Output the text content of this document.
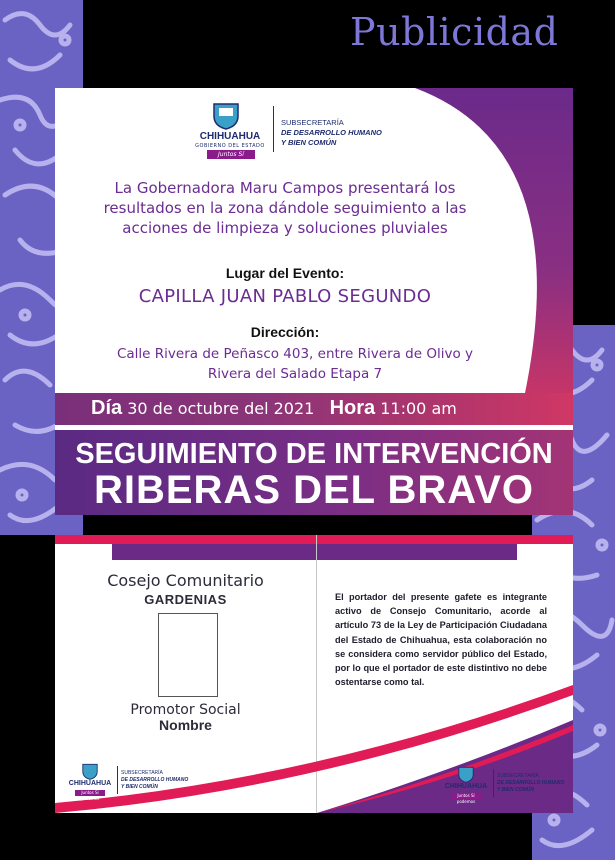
Publicidad
CHIHUAHUA
GOBIERNO DEL ESTADO
Juntos Sí podemos
SUBSECRETARÍA
DE DESARROLLO HUMANO
Y BIEN COMÚN
La Gobernadora Maru Campos presentará los resultados en la zona dándole seguimiento a las acciones de limpieza y soluciones pluviales
Lugar del Evento:
CAPILLA JUAN PABLO SEGUNDO
Dirección:
Calle Rivera de Peñasco 403, entre Rivera de Olivo y Rivera del Salado Etapa 7
Día 30 de octubre del 2021 Hora 11:00 am
SEGUIMIENTO DE INTERVENCIÓN
RIBERAS DEL BRAVO
Cosejo Comunitario
GARDENIAS
Promotor Social
Nombre
El portador del presente gafete es integrante activo de Consejo Comunitario, acorde al artículo 73 de la Ley de Participación Ciudadana del Estado de Chihuahua, esta colaboración no se considera como servidor público del Estado, por lo que el portador de este distintivo no debe ostentarse como tal.
CHIHUAHUA
Juntos Sí podemos
SUBSECRETARÍA
DE DESARROLLO HUMANO
Y BIEN COMÚN	CHIHUAHUA
Juntos Sí podemos
SUBSECRETARÍA
DE DESARROLLO HUMANO
Y BIEN COMÚN
